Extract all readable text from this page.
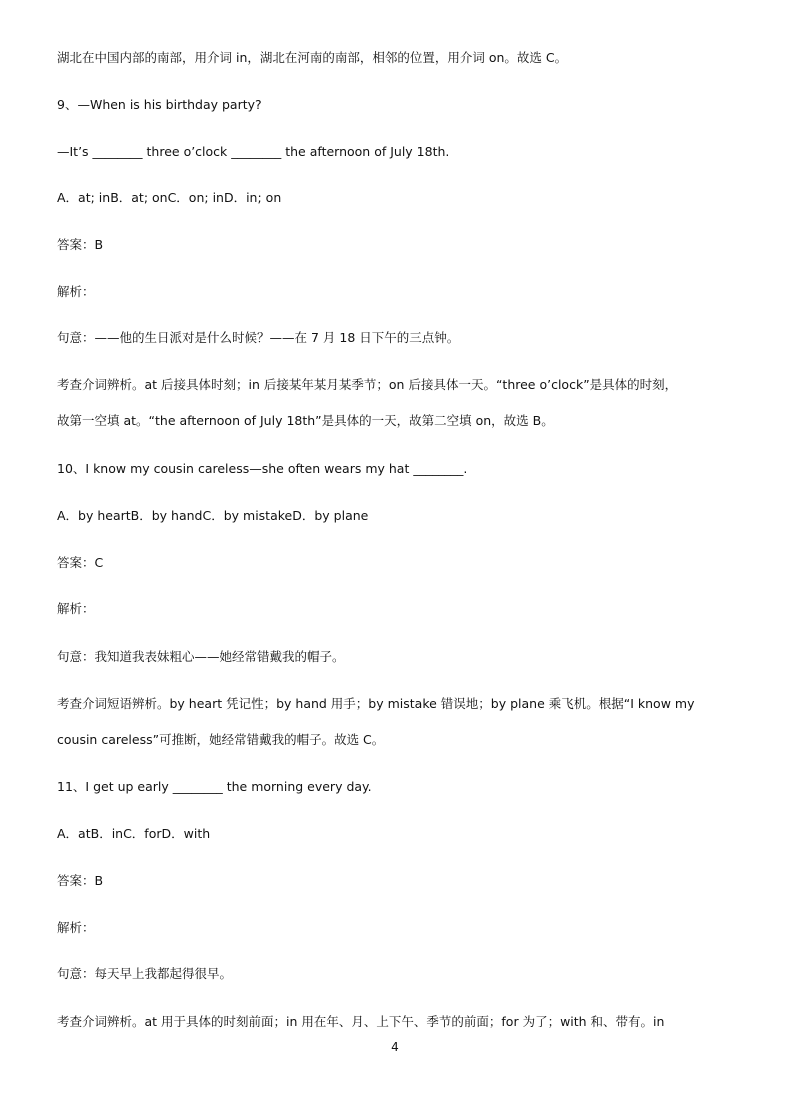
湖北在中国内部的南部，用介词 in，湖北在河南的南部，相邻的位置，用介词 on。故选 C。
9、—When is his birthday party?
—It’s ________ three o’clock ________ the afternoon of July 18th.
A．at; inB．at; onC．on; inD．in; on
答案：B
解析：
句意：——他的生日派对是什么时候？——在 7 月 18 日下午的三点钟。
考查介词辨析。at 后接具体时刻；in 后接某年某月某季节；on 后接具体一天。“three o’clock”是具体的时刻，
故第一空填 at。“the afternoon of July 18th”是具体的一天，故第二空填 on，故选 B。
10、I know my cousin careless—she often wears my hat ________.
A．by heartB．by handC．by mistakeD．by plane
答案：C
解析：
句意：我知道我表妹粗心——她经常错戴我的帽子。
考查介词短语辨析。by heart 凭记性；by hand 用手；by mistake 错误地；by plane 乘飞机。根据“I know my
cousin careless”可推断，她经常错戴我的帽子。故选 C。
11、I get up early ________ the morning every day.
A．atB．inC．forD．with
答案：B
解析：
句意：每天早上我都起得很早。
考查介词辨析。at 用于具体的时刻前面；in 用在年、月、上下午、季节的前面；for 为了；with 和、带有。in
4
